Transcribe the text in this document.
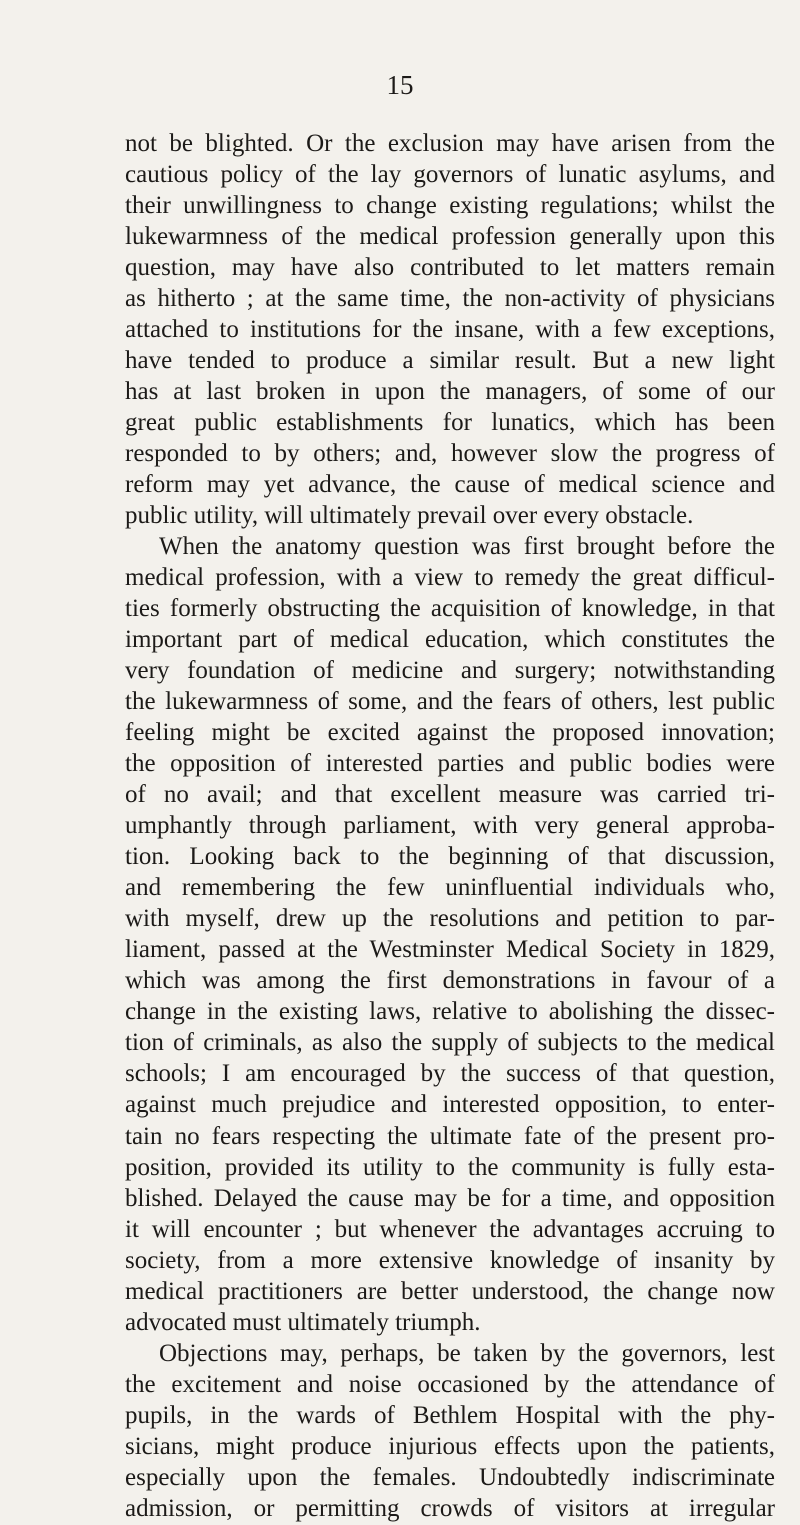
15
not be blighted. Or the exclusion may have arisen from the
cautious policy of the lay governors of lunatic asylums, and
their unwillingness to change existing regulations; whilst the
lukewarmness of the medical profession generally upon this
question, may have also contributed to let matters remain
as hitherto ; at the same time, the non-activity of physicians
attached to institutions for the insane, with a few exceptions,
have tended to produce a similar result. But a new light
has at last broken in upon the managers, of some of our
great public establishments for lunatics, which has been
responded to by others; and, however slow the progress of
reform may yet advance, the cause of medical science and
public utility, will ultimately prevail over every obstacle.
When the anatomy question was first brought before the
medical profession, with a view to remedy the great difficul-
ties formerly obstructing the acquisition of knowledge, in that
important part of medical education, which constitutes the
very foundation of medicine and surgery; notwithstanding
the lukewarmness of some, and the fears of others, lest public
feeling might be excited against the proposed innovation;
the opposition of interested parties and public bodies were
of no avail; and that excellent measure was carried tri-
umphantly through parliament, with very general approba-
tion. Looking back to the beginning of that discussion,
and remembering the few uninfluential individuals who,
with myself, drew up the resolutions and petition to par-
liament, passed at the Westminster Medical Society in 1829,
which was among the first demonstrations in favour of a
change in the existing laws, relative to abolishing the dissec-
tion of criminals, as also the supply of subjects to the medical
schools; I am encouraged by the success of that question,
against much prejudice and interested opposition, to enter-
tain no fears respecting the ultimate fate of the present pro-
position, provided its utility to the community is fully esta-
blished. Delayed the cause may be for a time, and opposition
it will encounter ; but whenever the advantages accruing to
society, from a more extensive knowledge of insanity by
medical practitioners are better understood, the change now
advocated must ultimately triumph.
Objections may, perhaps, be taken by the governors, lest
the excitement and noise occasioned by the attendance of
pupils, in the wards of Bethlem Hospital with the phy-
sicians, might produce injurious effects upon the patients,
especially upon the females. Undoubtedly indiscriminate
admission, or permitting crowds of visitors at irregular
